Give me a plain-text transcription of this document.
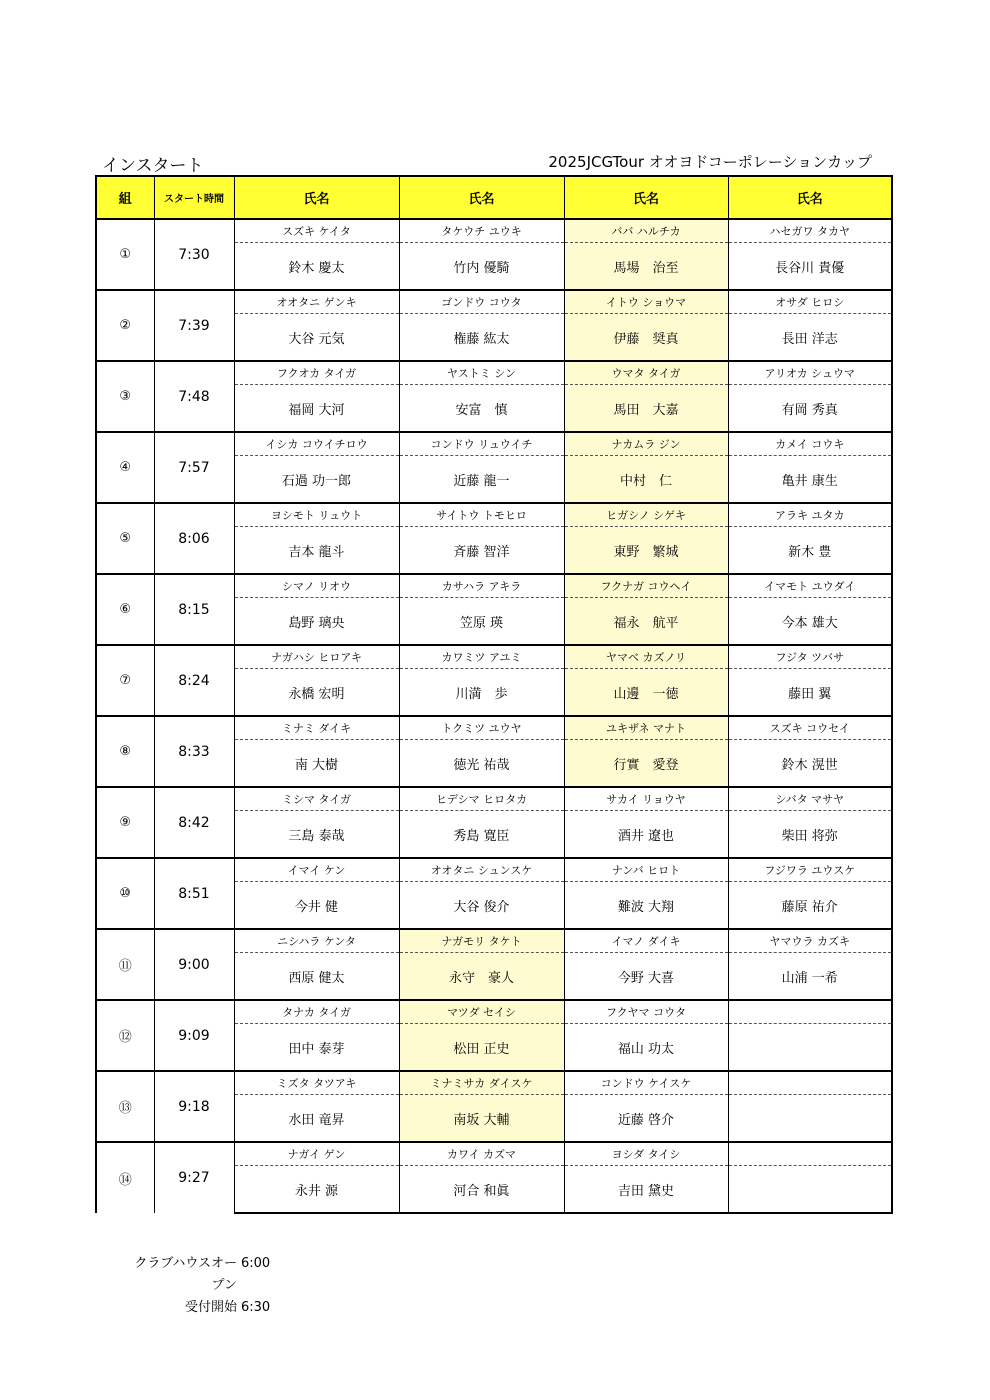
インスタート	2025JCGTour オオヨドコーポレーションカップ
組	スタート時間	氏名	氏名	氏名	氏名
①	7:30	スズキ ケイタ	タケウチ ユウキ	ババ ハルチカ	ハセガワ タカヤ
		鈴木 慶太	竹内 優騎	馬場　治至	長谷川 貴優
②	7:39	オオタニ ゲンキ	ゴンドウ コウタ	イトウ ショウマ	オサダ ヒロシ
		大谷 元気	権藤 紘太	伊藤　奨真	長田 洋志
③	7:48	フクオカ タイガ	ヤストミ シン	ウマタ タイガ	アリオカ シュウマ
		福岡 大河	安富　慎	馬田　大嘉	有岡 秀真
④	7:57	イシカ コウイチロウ	コンドウ リュウイチ	ナカムラ ジン	カメイ コウキ
		石過 功一郎	近藤 龍一	中村　仁	亀井 康生
⑤	8:06	ヨシモト リュウト	サイトウ トモヒロ	ヒガシノ シゲキ	アラキ ユタカ
		吉本 龍斗	斉藤 智洋	東野　繁城	新木 豊
⑥	8:15	シマノ リオウ	カサハラ アキラ	フクナガ コウヘイ	イマモト ユウダイ
		島野 璃央	笠原 瑛	福永　航平	今本 雄大
⑦	8:24	ナガハシ ヒロアキ	カワミツ アユミ	ヤマベ カズノリ	フジタ ツバサ
		永橋 宏明	川満　歩	山邊　一徳	藤田 翼
⑧	8:33	ミナミ ダイキ	トクミツ ユウヤ	ユキザネ マナト	スズキ コウセイ
		南 大樹	徳光 祐哉	行實　愛登	鈴木 滉世
⑨	8:42	ミシマ タイガ	ヒデシマ ヒロタカ	サカイ リョウヤ	シバタ マサヤ
		三島 泰哉	秀島 寛臣	酒井 遼也	柴田 将弥
⑩	8:51	イマイ ケン	オオタニ シュンスケ	ナンバ ヒロト	フジワラ ユウスケ
		今井 健	大谷 俊介	難波 大翔	藤原 祐介
⑪	9:00	ニシハラ ケンタ	ナガモリ タケト	イマノ ダイキ	ヤマウラ カズキ
		西原 健太	永守　豪人	今野 大喜	山浦 一希
⑫	9:09	タナカ タイガ	マツダ セイシ	フクヤマ コウタ	
		田中 泰芽	松田 正史	福山 功太	
⑬	9:18	ミズタ タツアキ	ミナミサカ ダイスケ	コンドウ ケイスケ	
		水田 竜昇	南坂 大輔	近藤 啓介	
⑭	9:27	ナガイ ゲン	カワイ カズマ	ヨシダ タイシ	
		永井 源	河合 和眞	吉田 黛史	
クラブハウスオープン
6:00
受付開始 6:30
